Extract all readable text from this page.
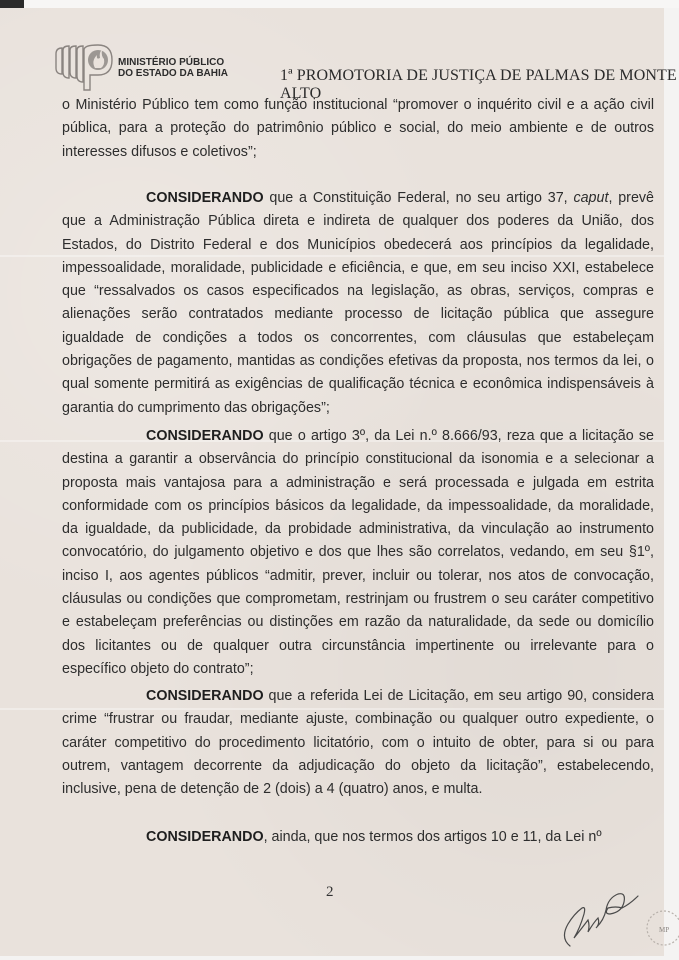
MINISTÉRIO PÚBLICO
DO ESTADO DA BAHIA	1ª PROMOTORIA DE JUSTIÇA DE PALMAS DE MONTE ALTO

o Ministério Público tem como função institucional “promover o inquérito civil e a ação civil pública, para a proteção do patrimônio público e social, do meio ambiente e de outros interesses difusos e coletivos”;

CONSIDERANDO que a Constituição Federal, no seu artigo 37, caput, prevê que a Administração Pública direta e indireta de qualquer dos poderes da União, dos Estados, do Distrito Federal e dos Municípios obedecerá aos princípios da legalidade, impessoalidade, moralidade, publicidade e eficiência, e que, em seu inciso XXI, estabelece que “ressalvados os casos especificados na legislação, as obras, serviços, compras e alienações serão contratados mediante processo de licitação pública que assegure igualdade de condições a todos os concorrentes, com cláusulas que estabeleçam obrigações de pagamento, mantidas as condições efetivas da proposta, nos termos da lei, o qual somente permitirá as exigências de qualificação técnica e econômica indispensáveis à garantia do cumprimento das obrigações”;

CONSIDERANDO que o artigo 3º, da Lei n.º 8.666/93, reza que a licitação se destina a garantir a observância do princípio constitucional da isonomia e a selecionar a proposta mais vantajosa para a administração e será processada e julgada em estrita conformidade com os princípios básicos da legalidade, da impessoalidade, da moralidade, da igualdade, da publicidade, da probidade administrativa, da vinculação ao instrumento convocatório, do julgamento objetivo e dos que lhes são correlatos, vedando, em seu §1º, inciso I, aos agentes públicos “admitir, prever, incluir ou tolerar, nos atos de convocação, cláusulas ou condições que comprometam, restrinjam ou frustrem o seu caráter competitivo e estabeleçam preferências ou distinções em razão da naturalidade, da sede ou domicílio dos licitantes ou de qualquer outra circunstância impertinente ou irrelevante para o específico objeto do contrato”;

CONSIDERANDO que a referida Lei de Licitação, em seu artigo 90, considera crime “frustrar ou fraudar, mediante ajuste, combinação ou qualquer outro expediente, o caráter competitivo do procedimento licitatório, com o intuito de obter, para si ou para outrem, vantagem decorrente da adjudicação do objeto da licitação”, estabelecendo, inclusive, pena de detenção de 2 (dois) a 4 (quatro) anos, e multa.

CONSIDERANDO, ainda, que nos termos dos artigos 10 e 11, da Lei nº

2
MP
